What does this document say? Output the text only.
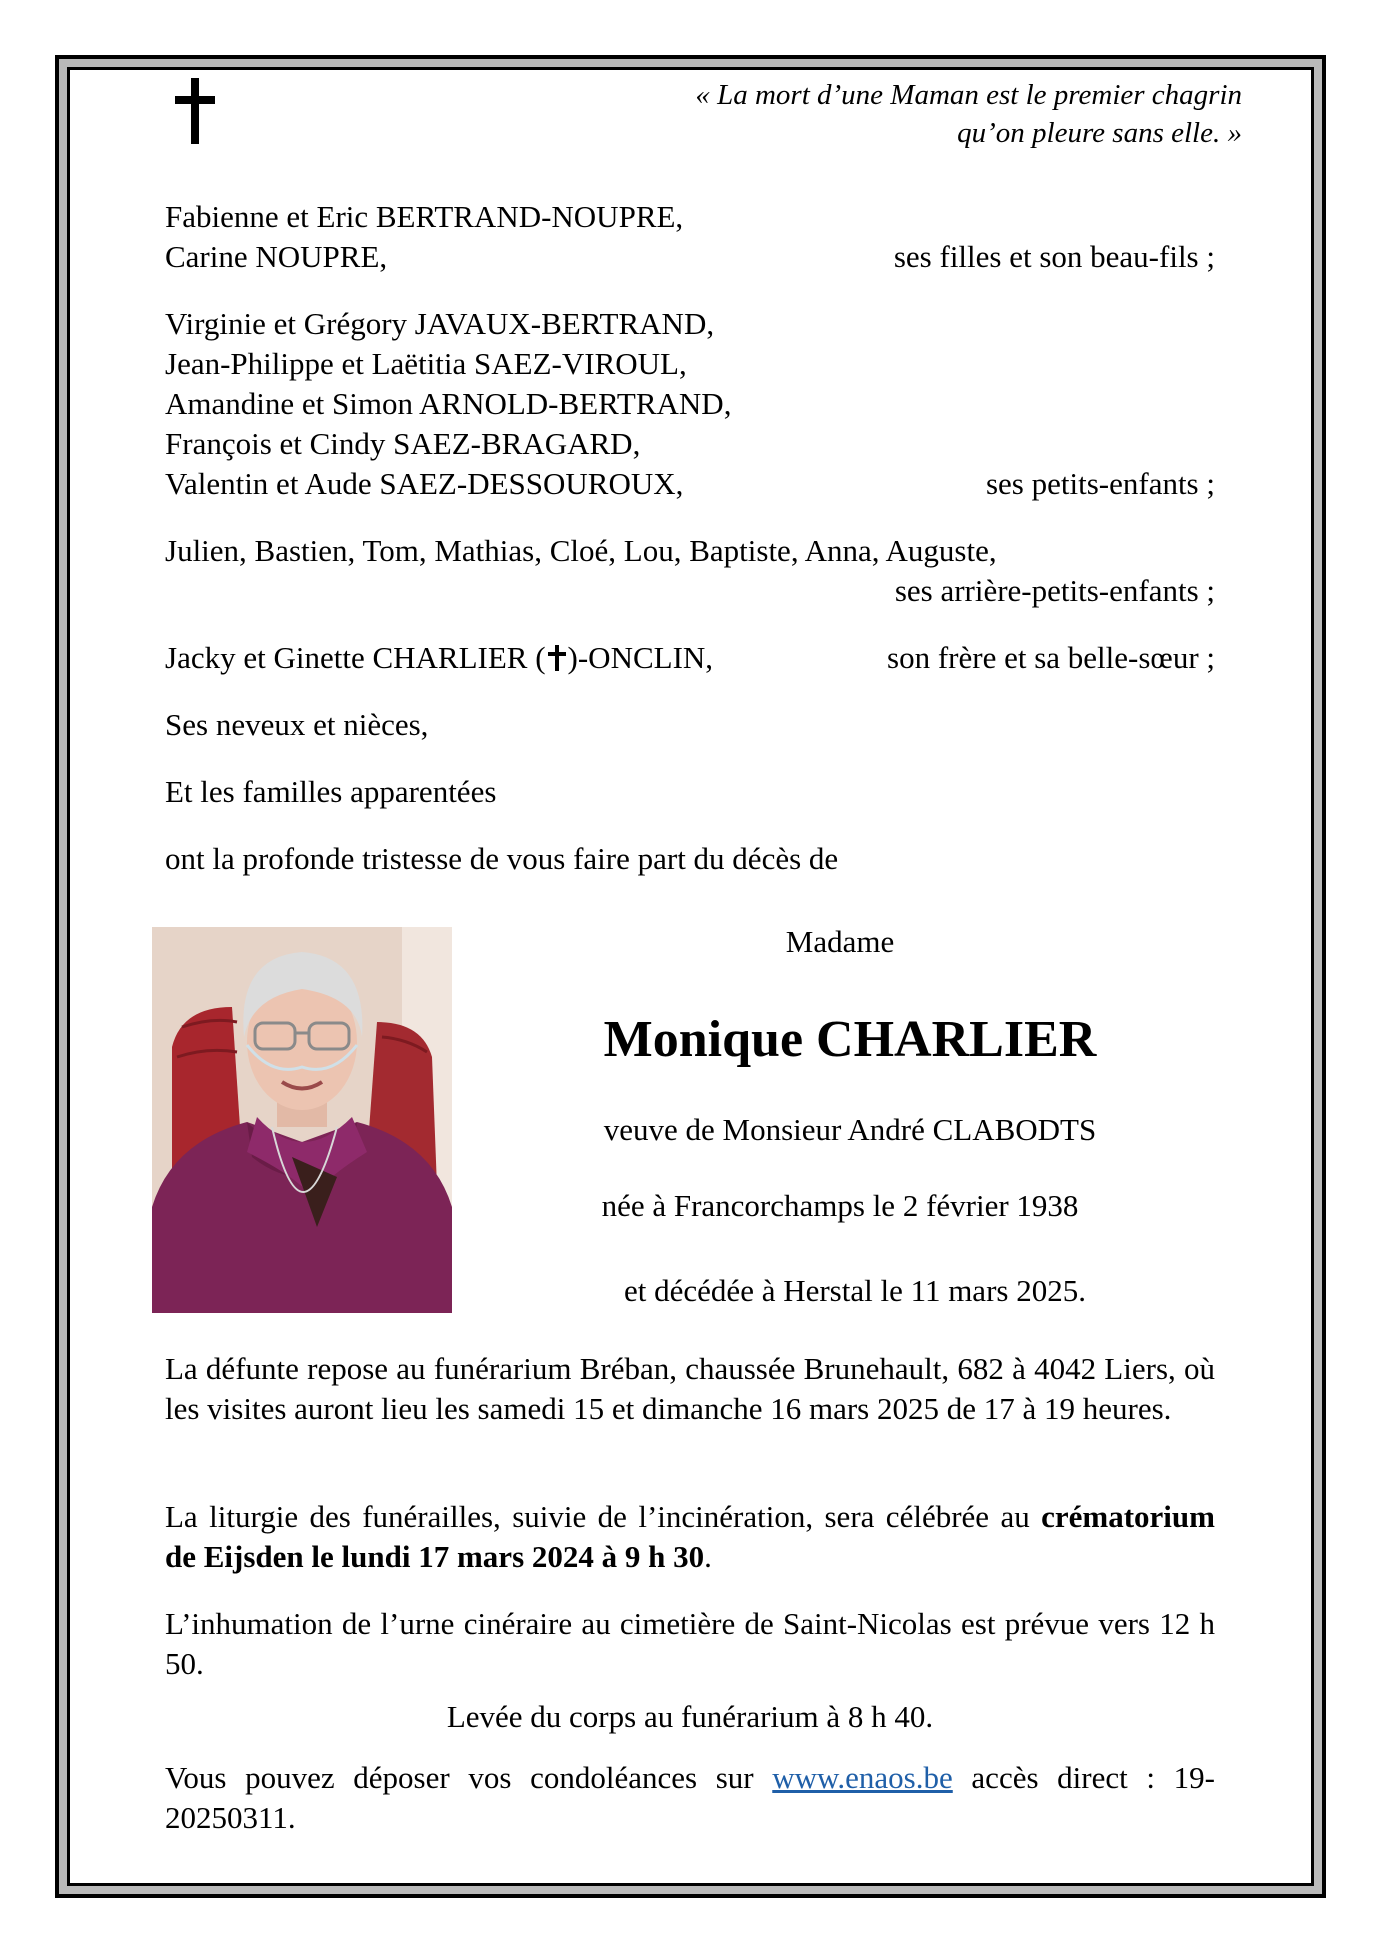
« La mort d’une Maman est le premier chagrin
qu’on pleure sans elle. »
Fabienne et Eric BERTRAND-NOUPRE,
Carine NOUPRE,	ses filles et son beau-fils ;
Virginie et Grégory JAVAUX-BERTRAND,
Jean-Philippe et Laëtitia SAEZ-VIROUL,
Amandine et Simon ARNOLD-BERTRAND,
François et Cindy SAEZ-BRAGARD,
Valentin et Aude SAEZ-DESSOUROUX,	ses petits-enfants ;
Julien, Bastien, Tom, Mathias, Cloé, Lou, Baptiste, Anna, Auguste,
ses arrière-petits-enfants ;
Jacky et Ginette CHARLIER ( )-ONCLIN,	son frère et sa belle-sœur ;
Ses neveux et nièces,
Et les familles apparentées
ont la profonde tristesse de vous faire part du décès de
Madame
Monique CHARLIER
veuve de Monsieur André CLABODTS
née à Francorchamps le 2 février 1938
et décédée à Herstal le 11 mars 2025.
La défunte repose au funérarium Bréban, chaussée Brunehault, 682 à 4042 Liers, où les visites auront lieu les samedi 15 et dimanche 16 mars 2025 de 17 à 19 heures.
La liturgie des funérailles, suivie de l’incinération, sera célébrée au crématorium de Eijsden le lundi 17 mars 2024 à 9 h 30.
L’inhumation de l’urne cinéraire au cimetière de Saint-Nicolas est prévue vers 12 h 50.
Levée du corps au funérarium à 8 h 40.
Vous pouvez déposer vos condoléances sur www.enaos.be accès direct : 19-20250311.
